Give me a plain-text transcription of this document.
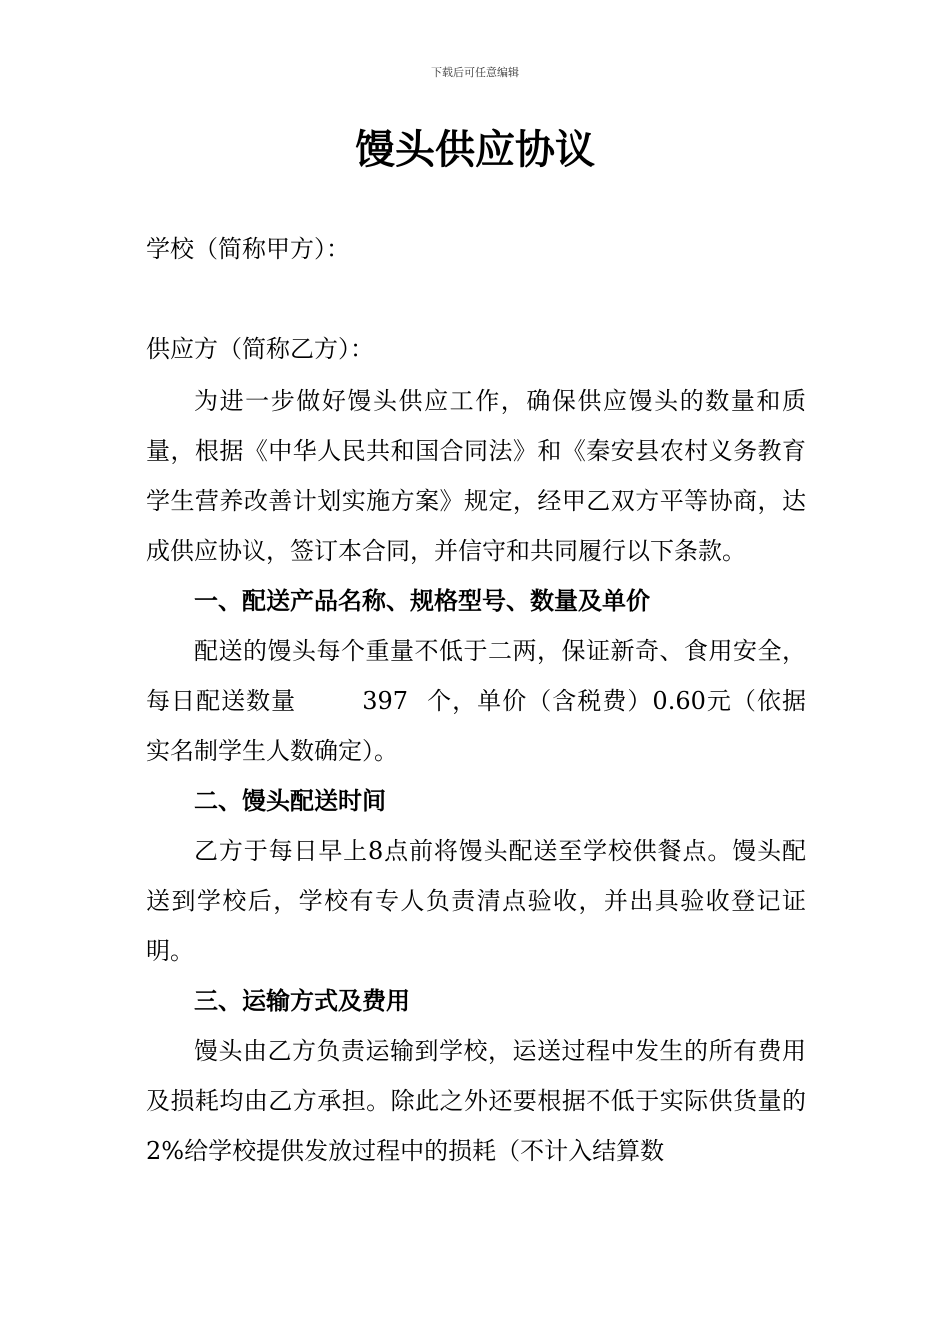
下载后可任意编辑
馒头供应协议
学校（简称甲方）：
供应方（简称乙方）：

为进一步做好馒头供应工作，确保供应馒头的数量和质量，根据《中华人民共和国合同法》和《秦安县农村义务教育学生营养改善计划实施方案》规定，经甲乙双方平等协商，达成供应协议，签订本合同，并信守和共同履行以下条款。

一、配送产品名称、规格型号、数量及单价

配送的馒头每个重量不低于二两，保证新奇、食用安全，每日配送数量	397 个，单价（含税费）0.60元（依据实名制学生人数确定）。

二、馒头配送时间

乙方于每日早上8点前将馒头配送至学校供餐点。馒头配送到学校后，学校有专人负责清点验收，并出具验收登记证明。

三、运输方式及费用

馒头由乙方负责运输到学校，运送过程中发生的所有费用及损耗均由乙方承担。除此之外还要根据不低于实际供货量的2%给学校提供发放过程中的损耗（不计入结算数
